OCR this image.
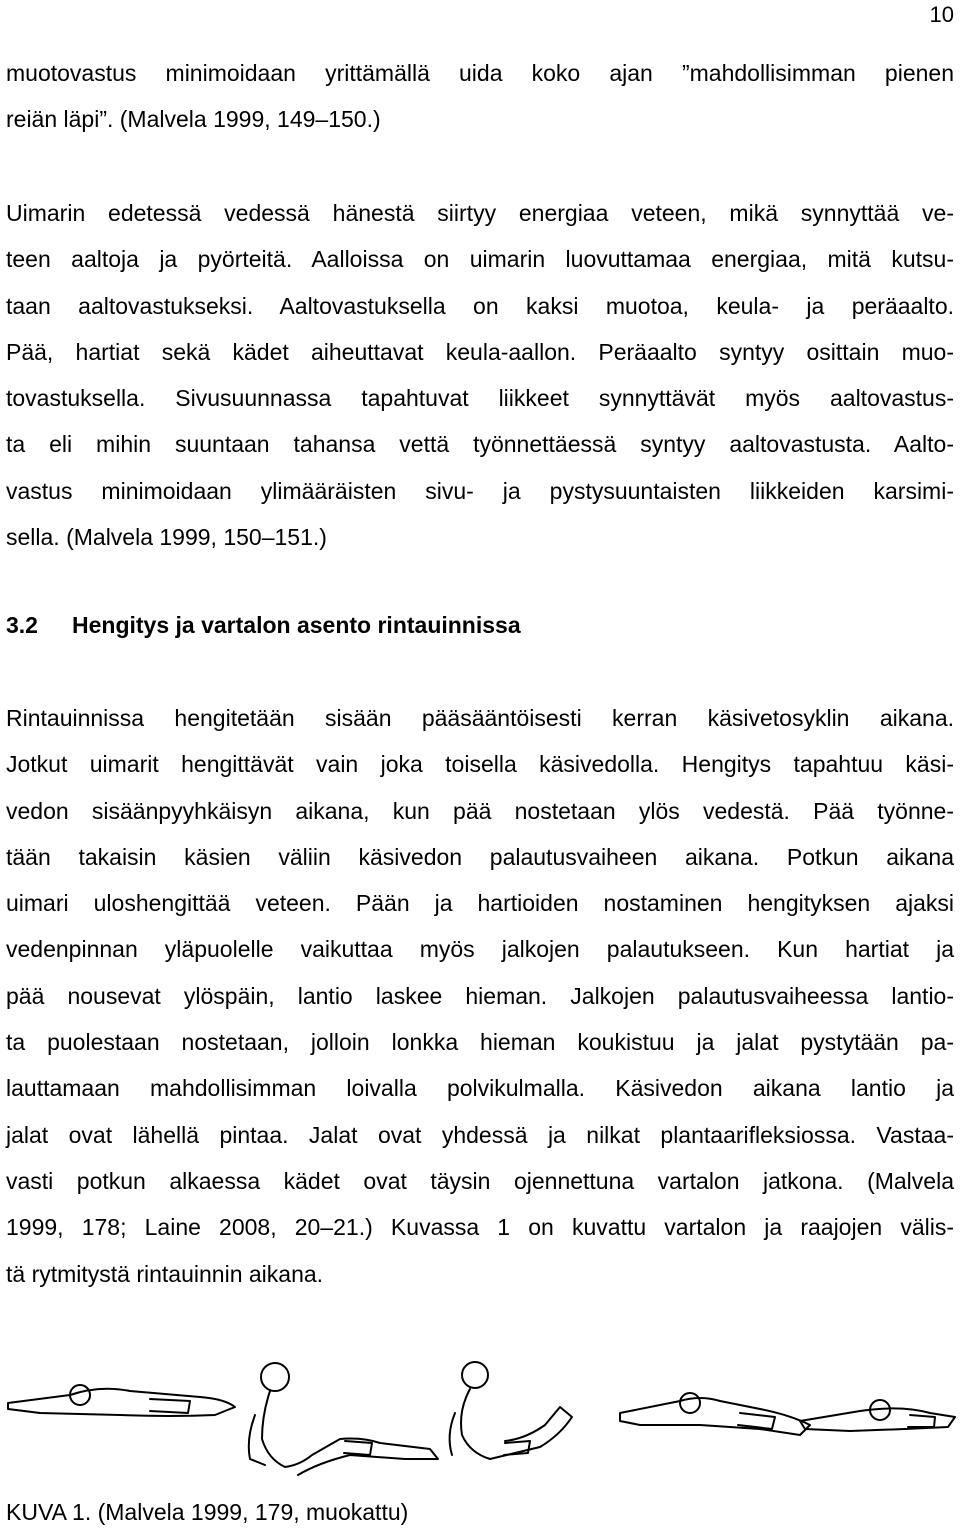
10
muotovastus minimoidaan yrittämällä uida koko ajan ”mahdollisimman pienen
reiän läpi”. (Malvela 1999, 149–150.)
Uimarin edetessä vedessä hänestä siirtyy energiaa veteen, mikä synnyttää ve-
teen aaltoja ja pyörteitä. Aalloissa on uimarin luovuttamaa energiaa, mitä kutsu-
taan aaltovastukseksi. Aaltovastuksella on kaksi muotoa, keula- ja peräaalto.
Pää, hartiat sekä kädet aiheuttavat keula-aallon. Peräaalto syntyy osittain muo-
tovastuksella. Sivusuunnassa tapahtuvat liikkeet synnyttävät myös aaltovastus-
ta eli mihin suuntaan tahansa vettä työnnettäessä syntyy aaltovastusta. Aalto-
vastus minimoidaan ylimääräisten sivu- ja pystysuuntaisten liikkeiden karsimi-
sella. (Malvela 1999, 150–151.)
3.2 Hengitys ja vartalon asento rintauinnissa
Rintauinnissa hengitetään sisään pääsääntöisesti kerran käsivetosyklin aikana.
Jotkut uimarit hengittävät vain joka toisella käsivedolla. Hengitys tapahtuu käsi-
vedon sisäänpyyhkäisyn aikana, kun pää nostetaan ylös vedestä. Pää työnne-
tään takaisin käsien väliin käsivedon palautusvaiheen aikana. Potkun aikana
uimari uloshengittää veteen. Pään ja hartioiden nostaminen hengityksen ajaksi
vedenpinnan yläpuolelle vaikuttaa myös jalkojen palautukseen. Kun hartiat ja
pää nousevat ylöspäin, lantio laskee hieman. Jalkojen palautusvaiheessa lantio-
ta puolestaan nostetaan, jolloin lonkka hieman koukistuu ja jalat pystytään pa-
lauttamaan mahdollisimman loivalla polvikulmalla. Käsivedon aikana lantio ja
jalat ovat lähellä pintaa. Jalat ovat yhdessä ja nilkat plantaarifleksiossa. Vastaa-
vasti potkun alkaessa kädet ovat täysin ojennettuna vartalon jatkona. (Malvela
1999, 178; Laine 2008, 20–21.) Kuvassa 1 on kuvattu vartalon ja raajojen välis-
tä rytmitystä rintauinnin aikana.

KUVA 1. (Malvela 1999, 179, muokattu)
